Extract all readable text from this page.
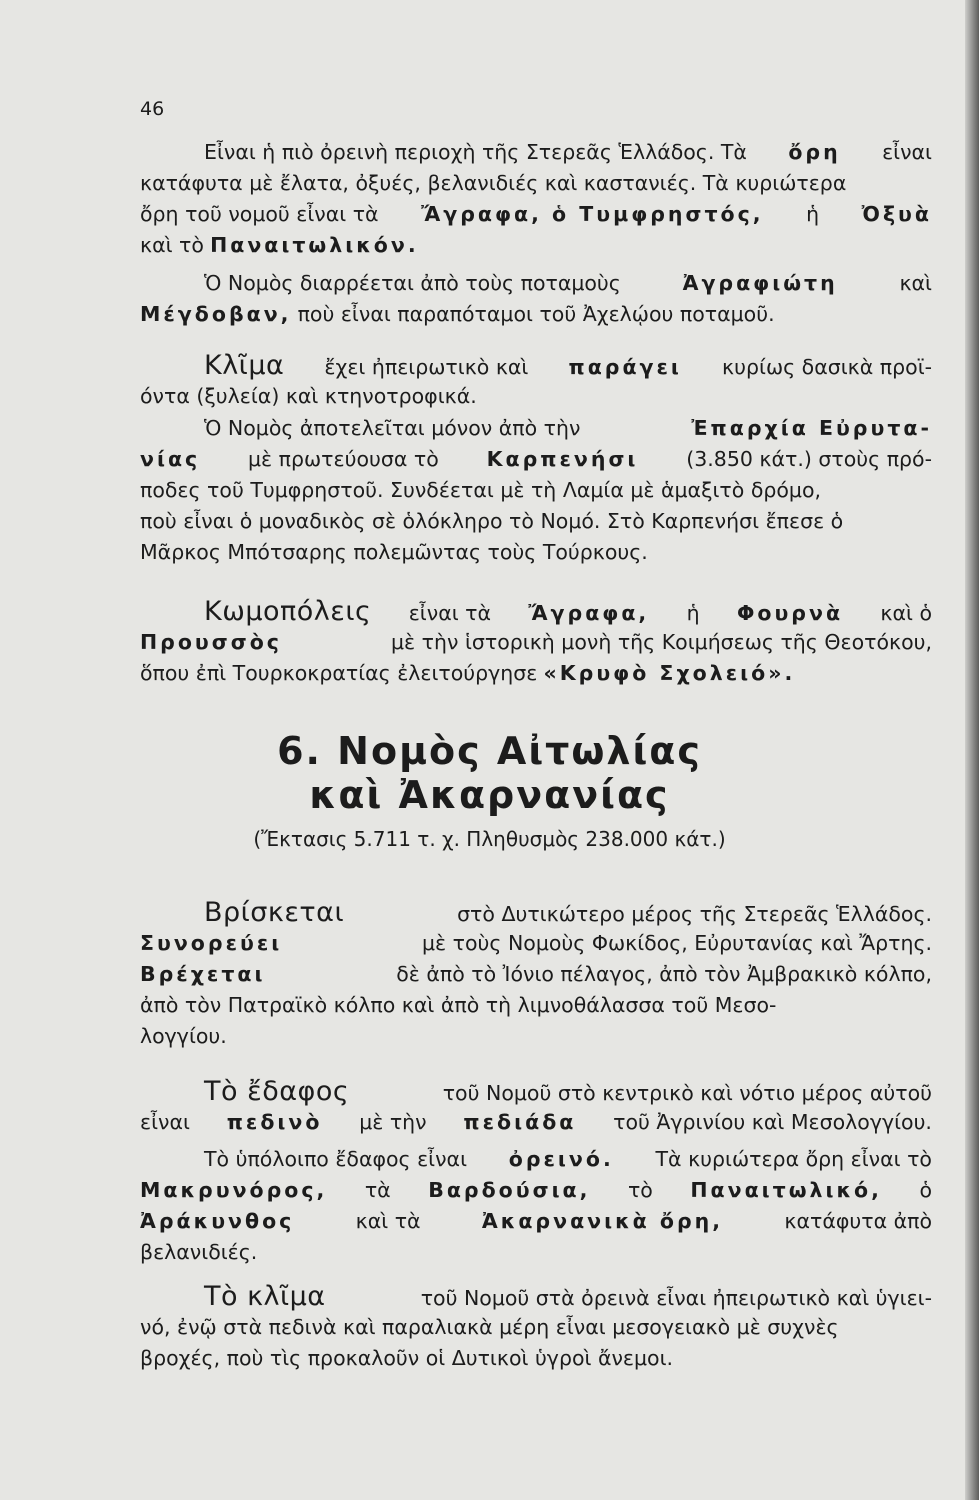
46
Εἶναι ἡ πιὸ ὀρεινὴ περιοχὴ τῆς Στερεᾶς Ἑλλάδος. Τὰ ὄρη εἶναι
κατάφυτα μὲ ἔλατα, ὀξυές, βελανιδιές καὶ καστανιές. Τὰ κυριώτερα
ὄρη τοῦ νομοῦ εἶναι τὰ Ἄγραφα, ὁ Τυμφρηστός, ἡ Ὀξυὰ
καὶ τὸ Παναιτωλικόν.
Ὁ Νομὸς διαρρέεται ἀπὸ τοὺς ποταμοὺς	Ἀγραφιώτη	καὶ
Μέγδοβαν, ποὺ εἶναι παραπόταμοι τοῦ Ἀχελῴου ποταμοῦ.
Κλῖμα ἔχει ἠπειρωτικὸ καὶ παράγει κυρίως δασικὰ προϊ-
όντα (ξυλεία) καὶ κτηνοτροφικά.
Ὁ Νομὸς ἀποτελεῖται μόνον ἀπὸ τὴν	Ἐπαρχία Εὐρυτα-
νίας μὲ πρωτεύουσα τὸ Καρπενήσι (3.850 κάτ.) στοὺς πρό-
ποδες τοῦ Τυμφρηστοῦ. Συνδέεται μὲ τὴ Λαμία μὲ ἁμαξιτὸ δρόμο,
ποὺ εἶναι ὁ μοναδικὸς σὲ ὁλόκληρο τὸ Νομό. Στὸ Καρπενήσι ἔπεσε ὁ
Μᾶρκος Μπότσαρης πολεμῶντας τοὺς Τούρκους.
Κωμοπόλεις εἶναι τὰ Ἄγραφα, ἡ Φουρνὰ καὶ ὁ
Προυσσὸς	μὲ τὴν ἱστορικὴ μονὴ τῆς Κοιμήσεως τῆς Θεοτόκου,
ὅπου ἐπὶ Τουρκοκρατίας ἐλειτούργησε «Κρυφὸ Σχολειό».
6. Νομὸς Αἰτωλίας
καὶ Ἀκαρνανίας
(Ἔκτασις 5.711 τ. χ. Πληθυσμὸς 238.000 κάτ.)
Βρίσκεται	στὸ Δυτικώτερο μέρος τῆς Στερεᾶς Ἑλλάδος.
Συνορεύει	μὲ τοὺς Νομοὺς Φωκίδος, Εὐρυτανίας καὶ Ἄρτης.
Βρέχεται	δὲ ἀπὸ τὸ Ἰόνιο πέλαγος, ἀπὸ τὸν Ἀμβρακικὸ κόλπο,
ἀπὸ τὸν Πατραϊκὸ κόλπο καὶ ἀπὸ τὴ λιμνοθάλασσα τοῦ Μεσο-
λογγίου.
Τὸ ἔδαφος	τοῦ Νομοῦ στὸ κεντρικὸ καὶ νότιο μέρος αὐτοῦ
εἶναι πεδινὸ μὲ τὴν πεδιάδα τοῦ Ἀγρινίου καὶ Μεσολογγίου.
Τὸ ὑπόλοιπο ἔδαφος εἶναι ὀρεινό. Τὰ κυριώτερα ὄρη εἶναι τὸ
Μακρυνόρος, τὰ Βαρδούσια, τὸ Παναιτωλικό, ὁ
Ἀράκυνθος	καὶ τὰ	Ἀκαρνανικὰ ὄρη,	κατάφυτα ἀπὸ
βελανιδιές.
Τὸ κλῖμα	τοῦ Νομοῦ στὰ ὀρεινὰ εἶναι ἠπειρωτικὸ καὶ ὑγιει-
νό, ἐνῷ στὰ πεδινὰ καὶ παραλιακὰ μέρη εἶναι μεσογειακὸ μὲ συχνὲς
βροχές, ποὺ τὶς προκαλοῦν οἱ Δυτικοὶ ὑγροὶ ἄνεμοι.
